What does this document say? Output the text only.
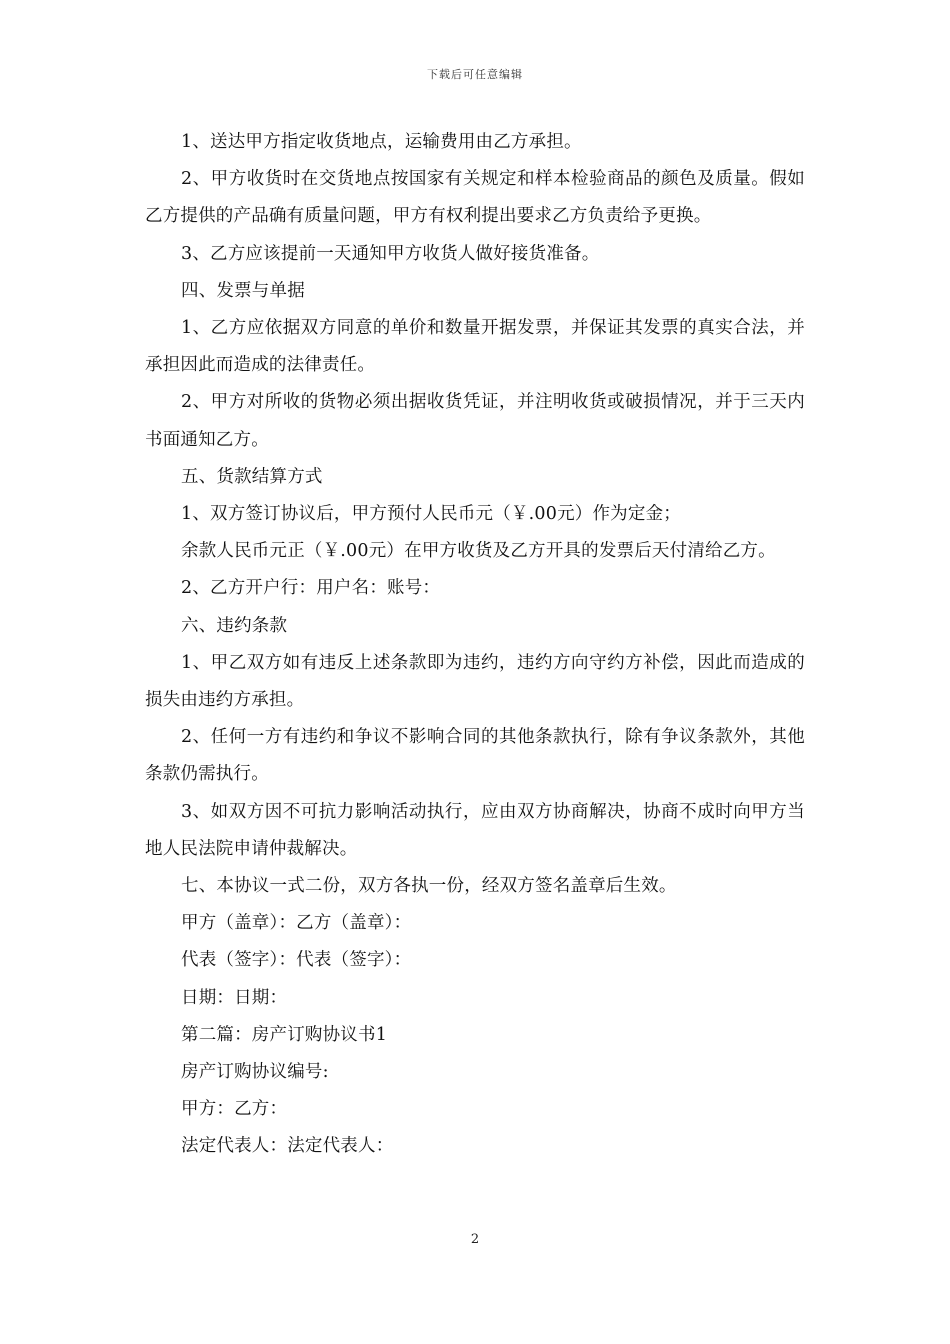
下载后可任意编辑

1、送达甲方指定收货地点，运输费用由乙方承担。

2、甲方收货时在交货地点按国家有关规定和样本检验商品的颜色及质量。假如乙方提供的产品确有质量问题，甲方有权利提出要求乙方负责给予更换。

3、乙方应该提前一天通知甲方收货人做好接货准备。

四、发票与单据

1、乙方应依据双方同意的单价和数量开据发票，并保证其发票的真实合法，并承担因此而造成的法律责任。

2、甲方对所收的货物必须出据收货凭证，并注明收货或破损情况，并于三天内书面通知乙方。

五、货款结算方式

1、双方签订协议后，甲方预付人民币元（￥.00元）作为定金；

余款人民币元正（￥.00元）在甲方收货及乙方开具的发票后天付清给乙方。

2、乙方开户行：用户名：账号：

六、违约条款

1、甲乙双方如有违反上述条款即为违约，违约方向守约方补偿，因此而造成的损失由违约方承担。

2、任何一方有违约和争议不影响合同的其他条款执行，除有争议条款外，其他条款仍需执行。

3、如双方因不可抗力影响活动执行，应由双方协商解决，协商不成时向甲方当地人民法院申请仲裁解决。

七、本协议一式二份，双方各执一份，经双方签名盖章后生效。

甲方（盖章）：乙方（盖章）：

代表（签字）：代表（签字）：

日期：日期：

第二篇：房产订购协议书1

房产订购协议编号:

甲方：乙方：

法定代表人：法定代表人：

2
